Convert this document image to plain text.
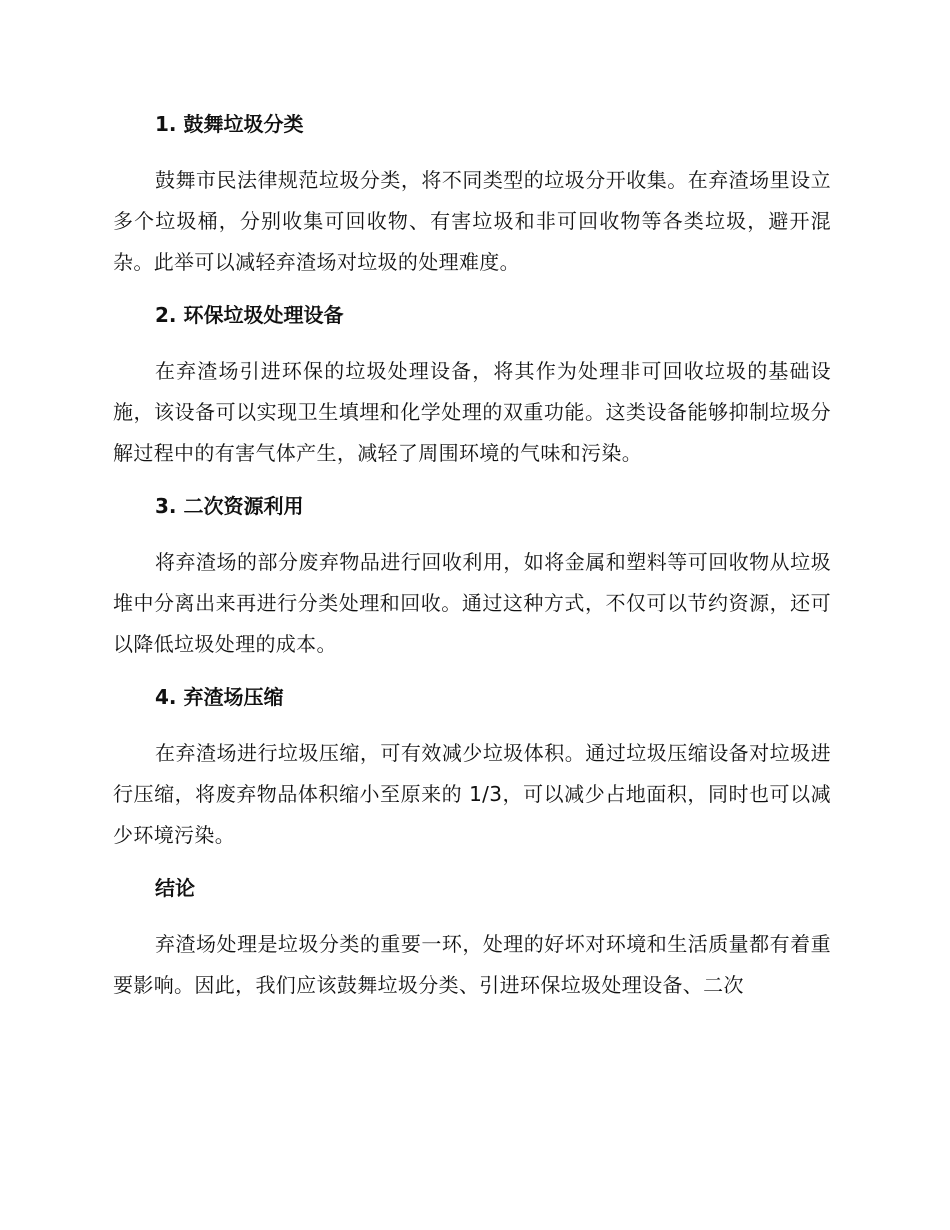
1. 鼓舞垃圾分类

鼓舞市民法律规范垃圾分类，将不同类型的垃圾分开收集。在弃渣场里设立多个垃圾桶，分别收集可回收物、有害垃圾和非可回收物等各类垃圾，避开混杂。此举可以减轻弃渣场对垃圾的处理难度。

2. 环保垃圾处理设备

在弃渣场引进环保的垃圾处理设备，将其作为处理非可回收垃圾的基础设施，该设备可以实现卫生填埋和化学处理的双重功能。这类设备能够抑制垃圾分解过程中的有害气体产生，减轻了周围环境的气味和污染。

3. 二次资源利用

将弃渣场的部分废弃物品进行回收利用，如将金属和塑料等可回收物从垃圾堆中分离出来再进行分类处理和回收。通过这种方式，不仅可以节约资源，还可以降低垃圾处理的成本。

4. 弃渣场压缩

在弃渣场进行垃圾压缩，可有效减少垃圾体积。通过垃圾压缩设备对垃圾进行压缩，将废弃物品体积缩小至原来的 1/3，可以减少占地面积，同时也可以减少环境污染。

结论

弃渣场处理是垃圾分类的重要一环，处理的好坏对环境和生活质量都有着重要影响。因此，我们应该鼓舞垃圾分类、引进环保垃圾处理设备、二次
